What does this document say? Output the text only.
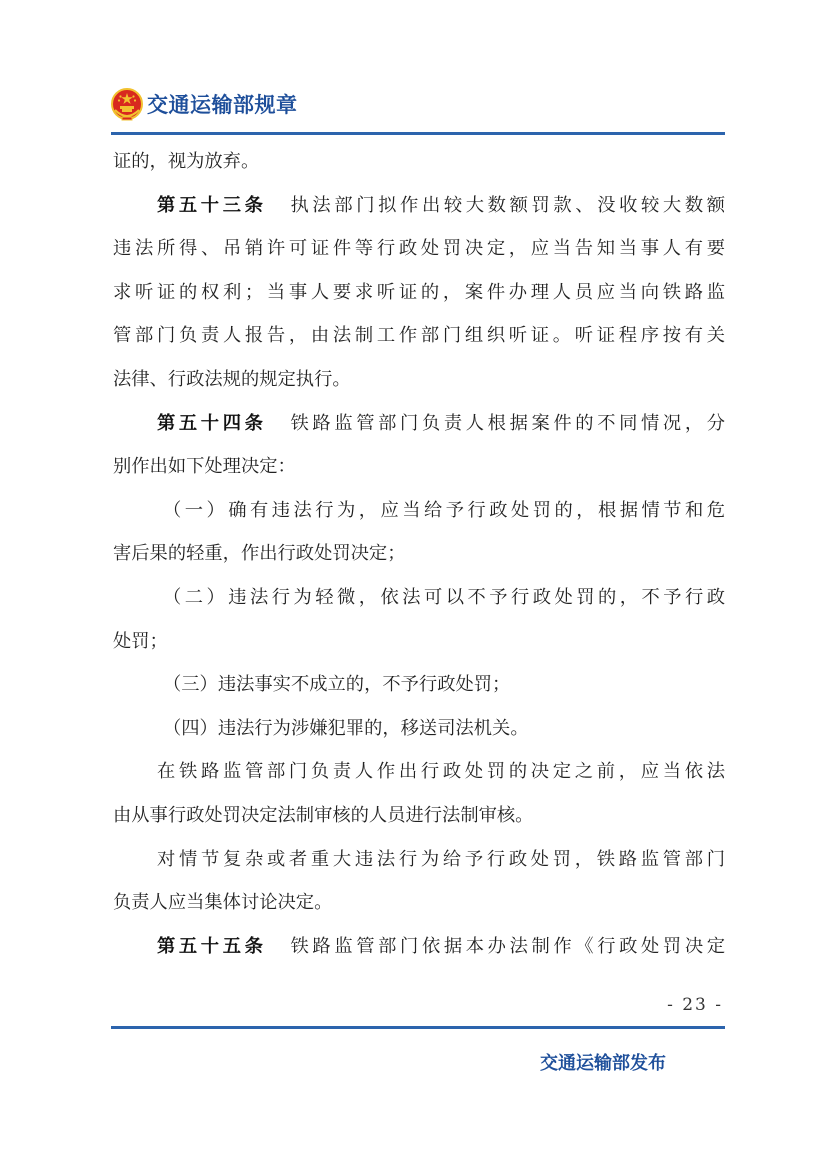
交通运输部规章
证的，视为放弃。
第五十三条 执法部门拟作出较大数额罚款、没收较大数额
违法所得、吊销许可证件等行政处罚决定，应当告知当事人有要
求听证的权利；当事人要求听证的，案件办理人员应当向铁路监
管部门负责人报告，由法制工作部门组织听证。听证程序按有关
法律、行政法规的规定执行。
第五十四条 铁路监管部门负责人根据案件的不同情况，分
别作出如下处理决定：
（一）确有违法行为，应当给予行政处罚的，根据情节和危
害后果的轻重，作出行政处罚决定；
（二）违法行为轻微，依法可以不予行政处罚的，不予行政
处罚；
（三）违法事实不成立的，不予行政处罚；
（四）违法行为涉嫌犯罪的，移送司法机关。
在铁路监管部门负责人作出行政处罚的决定之前，应当依法
由从事行政处罚决定法制审核的人员进行法制审核。
对情节复杂或者重大违法行为给予行政处罚，铁路监管部门
负责人应当集体讨论决定。
第五十五条 铁路监管部门依据本办法制作《行政处罚决定
- 23 -
交通运输部发布
